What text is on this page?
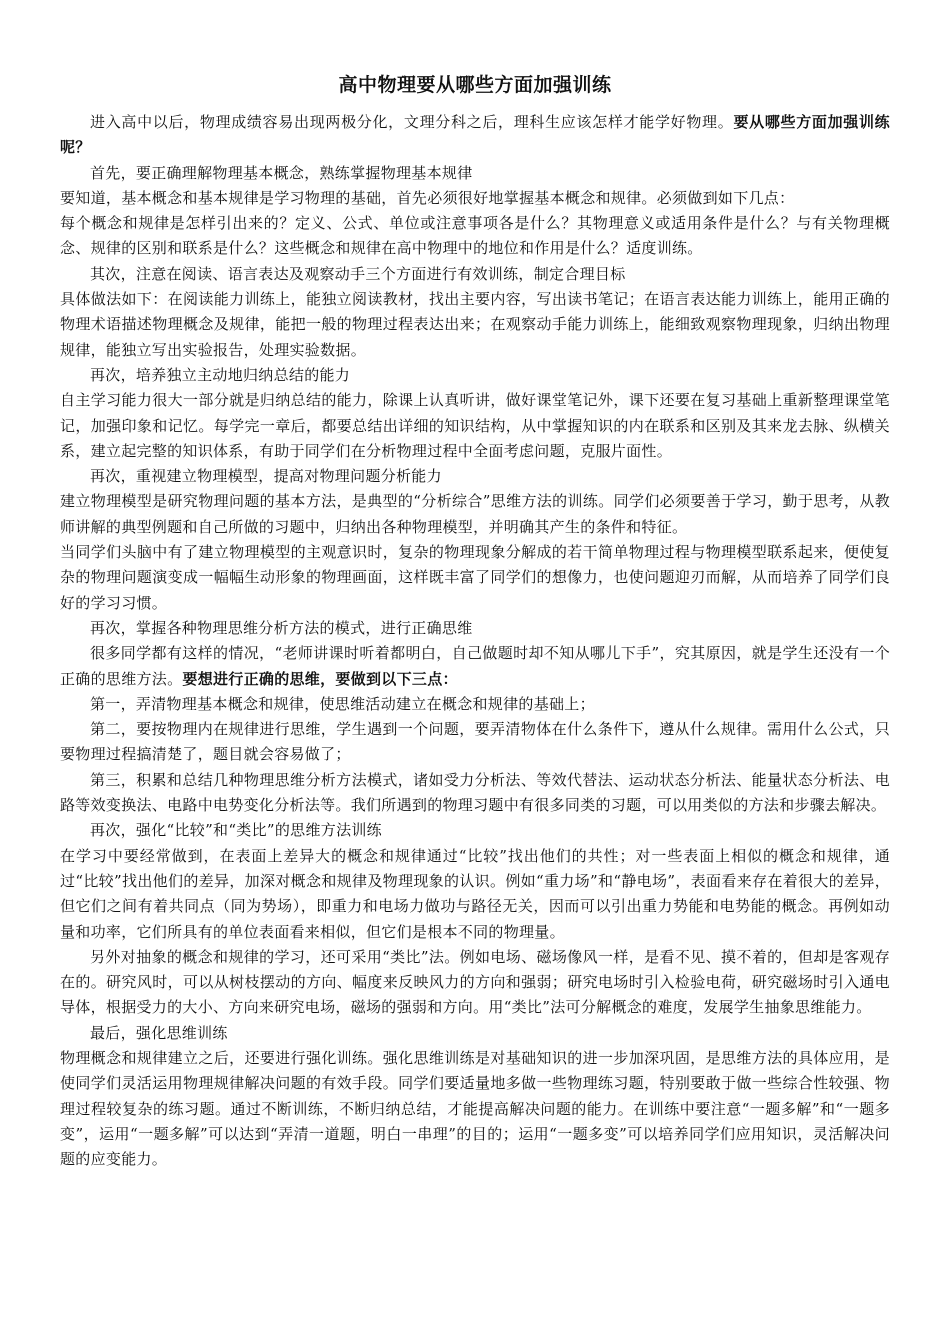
高中物理要从哪些方面加强训练

进入高中以后，物理成绩容易出现两极分化，文理分科之后，理科生应该怎样才能学好物理。要从哪些方面加强训练呢？

首先，要正确理解物理基本概念，熟练掌握物理基本规律

要知道，基本概念和基本规律是学习物理的基础，首先必须很好地掌握基本概念和规律。必须做到如下几点：

每个概念和规律是怎样引出来的？定义、公式、单位或注意事项各是什么？其物理意义或适用条件是什么？与有关物理概念、规律的区别和联系是什么？这些概念和规律在高中物理中的地位和作用是什么？适度训练。

其次，注意在阅读、语言表达及观察动手三个方面进行有效训练，制定合理目标

具体做法如下：在阅读能力训练上，能独立阅读教材，找出主要内容，写出读书笔记；在语言表达能力训练上，能用正确的物理术语描述物理概念及规律，能把一般的物理过程表达出来；在观察动手能力训练上，能细致观察物理现象，归纳出物理规律，能独立写出实验报告，处理实验数据。

再次，培养独立主动地归纳总结的能力

自主学习能力很大一部分就是归纳总结的能力，除课上认真听讲，做好课堂笔记外，课下还要在复习基础上重新整理课堂笔记，加强印象和记忆。每学完一章后，都要总结出详细的知识结构，从中掌握知识的内在联系和区别及其来龙去脉、纵横关系，建立起完整的知识体系，有助于同学们在分析物理过程中全面考虑问题，克服片面性。

再次，重视建立物理模型，提高对物理问题分析能力

建立物理模型是研究物理问题的基本方法，是典型的“分析综合”思维方法的训练。同学们必须要善于学习，勤于思考，从教师讲解的典型例题和自己所做的习题中，归纳出各种物理模型，并明确其产生的条件和特征。

当同学们头脑中有了建立物理模型的主观意识时，复杂的物理现象分解成的若干简单物理过程与物理模型联系起来，便使复杂的物理问题演变成一幅幅生动形象的物理画面，这样既丰富了同学们的想像力，也使问题迎刃而解，从而培养了同学们良好的学习习惯。

再次，掌握各种物理思维分析方法的模式，进行正确思维

很多同学都有这样的情况，“老师讲课时听着都明白，自己做题时却不知从哪儿下手”，究其原因，就是学生还没有一个正确的思维方法。要想进行正确的思维，要做到以下三点：

第一，弄清物理基本概念和规律，使思维活动建立在概念和规律的基础上；

第二，要按物理内在规律进行思维，学生遇到一个问题，要弄清物体在什么条件下，遵从什么规律。需用什么公式，只要物理过程搞清楚了，题目就会容易做了；

第三，积累和总结几种物理思维分析方法模式，诸如受力分析法、等效代替法、运动状态分析法、能量状态分析法、电路等效变换法、电路中电势变化分析法等。我们所遇到的物理习题中有很多同类的习题，可以用类似的方法和步骤去解决。

再次，强化“比较”和“类比”的思维方法训练

在学习中要经常做到，在表面上差异大的概念和规律通过“比较”找出他们的共性；对一些表面上相似的概念和规律，通过“比较”找出他们的差异，加深对概念和规律及物理现象的认识。例如“重力场”和“静电场”，表面看来存在着很大的差异，但它们之间有着共同点（同为势场），即重力和电场力做功与路径无关，因而可以引出重力势能和电势能的概念。再例如动量和功率，它们所具有的单位表面看来相似，但它们是根本不同的物理量。

另外对抽象的概念和规律的学习，还可采用“类比”法。例如电场、磁场像风一样，是看不见、摸不着的，但却是客观存在的。研究风时，可以从树枝摆动的方向、幅度来反映风力的方向和强弱；研究电场时引入检验电荷，研究磁场时引入通电导体，根据受力的大小、方向来研究电场，磁场的强弱和方向。用“类比”法可分解概念的难度，发展学生抽象思维能力。

最后，强化思维训练

物理概念和规律建立之后，还要进行强化训练。强化思维训练是对基础知识的进一步加深巩固，是思维方法的具体应用，是使同学们灵活运用物理规律解决问题的有效手段。同学们要适量地多做一些物理练习题，特别要敢于做一些综合性较强、物理过程较复杂的练习题。通过不断训练，不断归纳总结，才能提高解决问题的能力。在训练中要注意“一题多解”和“一题多变”，运用“一题多解”可以达到“弄清一道题，明白一串理”的目的；运用“一题多变”可以培养同学们应用知识，灵活解决问题的应变能力。
